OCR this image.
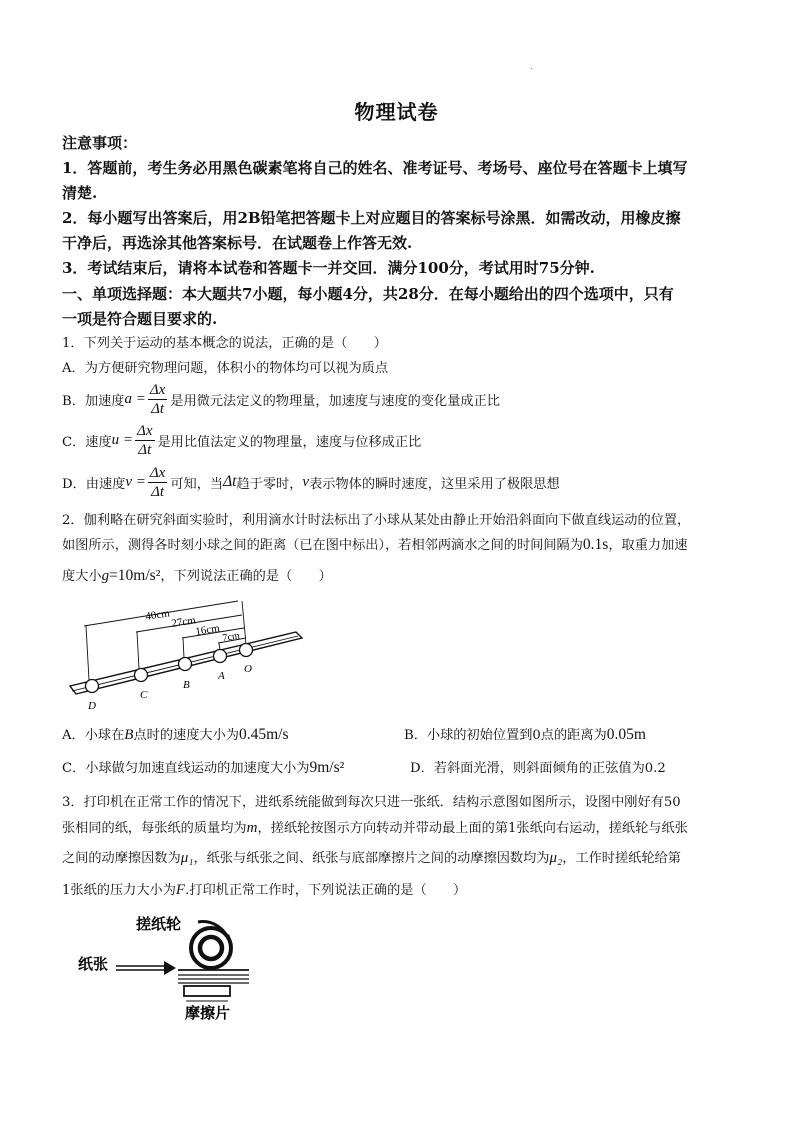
.
物理试卷
注意事项：
1．答题前，考生务必用黑色碳素笔将自己的姓名、准考证号、考场号、座位号在答题卡上填写
清楚.
2．每小题写出答案后，用2B铅笔把答题卡上对应题目的答案标号涂黑．如需改动，用橡皮擦
干净后，再选涂其他答案标号．在试题卷上作答无效.
3．考试结束后，请将本试卷和答题卡一并交回．满分100分，考试用时75分钟.
一、单项选择题：本大题共7小题，每小题4分，共28分．在每小题给出的四个选项中，只有
一项是符合题目要求的.
1．下列关于运动的基本概念的说法，正确的是（　　）
A．为方便研究物理问题，体积小的物体均可以视为质点
B．加速度 $a = \frac{\Delta x}{\Delta t}$ 是用微元法定义的物理量，加速度与速度的变化量成正比
C．速度 $u = \frac{\Delta x}{\Delta t}$ 是用比值法定义的物理量，速度与位移成正比
D．由速度 $v = \frac{\Delta x}{\Delta t}$ 可知，当 Δt 趋于零时， v 表示物体的瞬时速度，这里采用了极限思想
2．伽利略在研究斜面实验时，利用滴水计时法标出了小球从某处由静止开始沿斜面向下做直线运动的位置，
如图所示，测得各时刻小球之间的距离（已在图中标出），若相邻两滴水之间的时间间隔为0.1s，取重力加速
度大小g=10m/s²，下列说法正确的是（　　）
40cm 27cm
16cm 7cm
D
C
B
A
O
A．小球在B点时的速度大小为0.45m/s	B．小球的初始位置到0点的距离为0.05m
C．小球做匀加速直线运动的加速度大小为9m/s²	D．若斜面光滑，则斜面倾角的正弦值为0.2
3．打印机在正常工作的情况下，进纸系统能做到每次只进一张纸．结构示意图如图所示，设图中刚好有50
张相同的纸，每张纸的质量均为m，搓纸轮按图示方向转动并带动最上面的第1张纸向右运动，搓纸轮与纸张
之间的动摩擦因数为μ₁，纸张与纸张之间、纸张与底部摩擦片之间的动摩擦因数均为μ₂，工作时搓纸轮给第
1张纸的压力大小为F.打印机正常工作时，下列说法正确的是（　　）
搓纸轮
纸张
摩擦片
